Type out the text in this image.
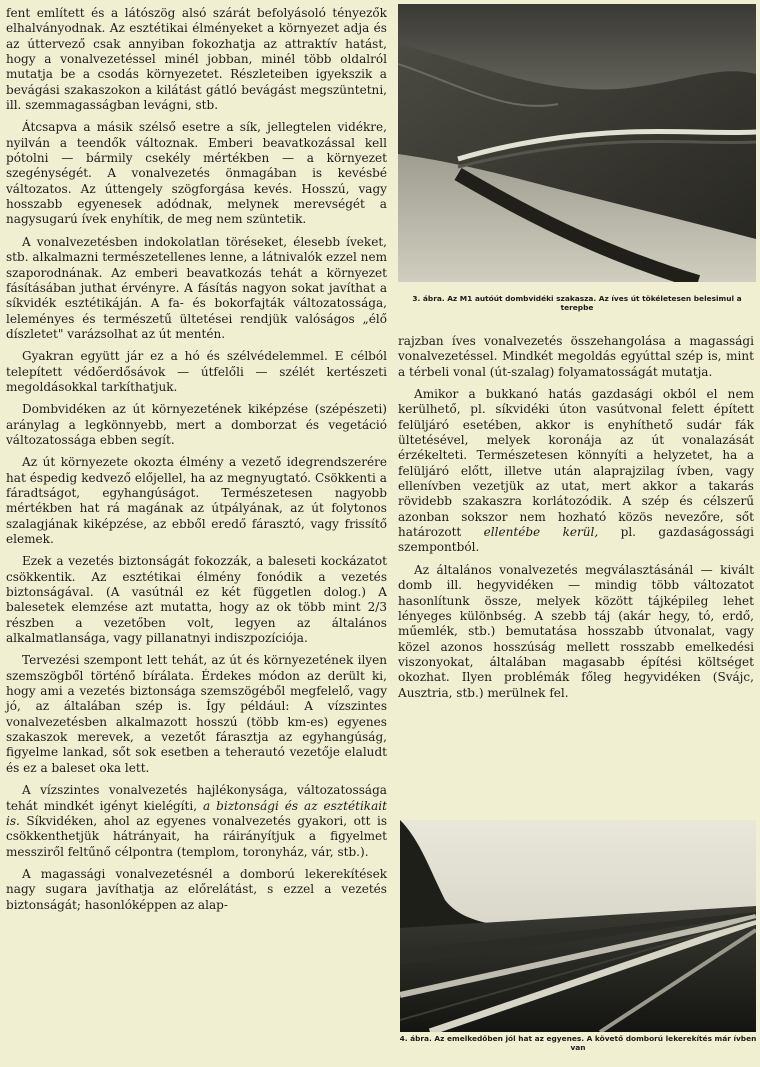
fent említett és a látószög alsó szárát befolyásoló tényezők elhalványodnak. Az esztétikai élményeket a környezet adja és az úttervező csak annyiban fokozhatja az attraktív hatást, hogy a vonalvezetéssel minél jobban, minél több oldalról mutatja be a csodás környezetet. Részleteiben igyekszik a bevágási szakaszokon a kilátást gátló bevágást megszüntetni, ill. szemmagasságban levágni, stb.

Átcsapva a másik szélső esetre a sík, jellegtelen vidékre, nyilván a teendők változnak. Emberi beavatkozással kell pótolni — bármily csekély mértékben — a környezet szegénységét. A vonalvezetés önmagában is kevésbé változatos. Az úttengely szögforgása kevés. Hosszú, vagy hosszabb egyenesek adódnak, melynek merevségét a nagysugarú ívek enyhítik, de meg nem szüntetik.

A vonalvezetésben indokolatlan töréseket, élesebb íveket, stb. alkalmazni természetellenes lenne, a látnivalók ezzel nem szaporodnának. Az emberi beavatkozás tehát a környezet fásításában juthat érvényre. A fásítás nagyon sokat javíthat a síkvidék esztétikáján. A fa- és bokorfajták változatossága, leleményes és természetű ültetései rendjük valóságos „élő díszletet" varázsolhat az út mentén.

Gyakran együtt jár ez a hó és szélvédelemmel. E célból telepített védőerdősávok — útfelőli — szélét kertészeti megoldásokkal tarkíthatjuk.

Dombvidéken az út környezetének kiképzése (szépészeti) aránylag a legkönnyebb, mert a domborzat és vegetáció változatossága ebben segít.

Az út környezete okozta élmény a vezető idegrendszerére hat éspedig kedvező előjellel, ha az megnyugtató. Csökkenti a fáradtságot, egyhangúságot. Természetesen nagyobb mértékben hat rá magának az útpályának, az út folytonos szalagjának kiképzése, az ebből eredő fárasztó, vagy frissítő elemek.

Ezek a vezetés biztonságát fokozzák, a baleseti kockázatot csökkentik. Az esztétikai élmény fonódik a vezetés biztonságával. (A vasútnál ez két független dolog.) A balesetek elemzése azt mutatta, hogy az ok több mint 2/3 részben a vezetőben volt, legyen az általános alkalmatlansága, vagy pillanatnyi indiszpozíciója.

Tervezési szempont lett tehát, az út és környezetének ilyen szemszögből történő bírálata. Érdekes módon az derült ki, hogy ami a vezetés biztonsága szemszögéből megfelelő, vagy jó, az általában szép is. Így például: A vízszintes vonalvezetésben alkalmazott hosszú (több km-es) egyenes szakaszok merevek, a vezetőt fárasztja az egyhangúság, figyelme lankad, sőt sok esetben a teherautó vezetője elaludt és ez a baleset oka lett.

A vízszintes vonalvezetés hajlékonysága, változatossága tehát mindkét igényt kielégíti, a biztonsági és az esztétikait is. Síkvidéken, ahol az egyenes vonalvezetés gyakori, ott is csökkenthetjük hátrányait, ha ráirányítjuk a figyelmet messziről feltűnő célpontra (templom, toronyház, vár, stb.).

A magassági vonalvezetésnél a domború lekerekítések nagy sugara javíthatja az előrelátást, s ezzel a vezetés biztonságát; hasonlóképpen az alap-

3. ábra. Az M1 autóút dombvidéki szakasza. Az íves út tökéletesen belesimul a terepbe

rajzban íves vonalvezetés összehangolása a magassági vonalvezetéssel. Mindkét megoldás egyúttal szép is, mint a térbeli vonal (út-szalag) folyamatosságát mutatja.

Amikor a bukkanó hatás gazdasági okból el nem kerülhető, pl. síkvidéki úton vasútvonal felett épített felüljáró esetében, akkor is enyhíthető sudár fák ültetésével, melyek koronája az út vonalazását érzékelteti. Természetesen könnyíti a helyzetet, ha a felüljáró előtt, illetve után alaprajzilag ívben, vagy ellenívben vezetjük az utat, mert akkor a takarás rövidebb szakaszra korlátozódik. A szép és célszerű azonban sokszor nem hozható közös nevezőre, sőt határozott ellentébe kerül, pl. gazdaságossági szempontból.

Az általános vonalvezetés megválasztásánál — kivált domb ill. hegyvidéken — mindig több változatot hasonlítunk össze, melyek között tájképileg lehet lényeges különbség. A szebb táj (akár hegy, tó, erdő, műemlék, stb.) bemutatása hosszabb útvonalat, vagy közel azonos hosszúság mellett rosszabb emelkedési viszonyokat, általában magasabb építési költséget okozhat. Ilyen problémák főleg hegyvidéken (Svájc, Ausztria, stb.) merülnek fel.

4. ábra. Az emelkedőben jól hat az egyenes. A követő domború lekerekítés már ívben van
